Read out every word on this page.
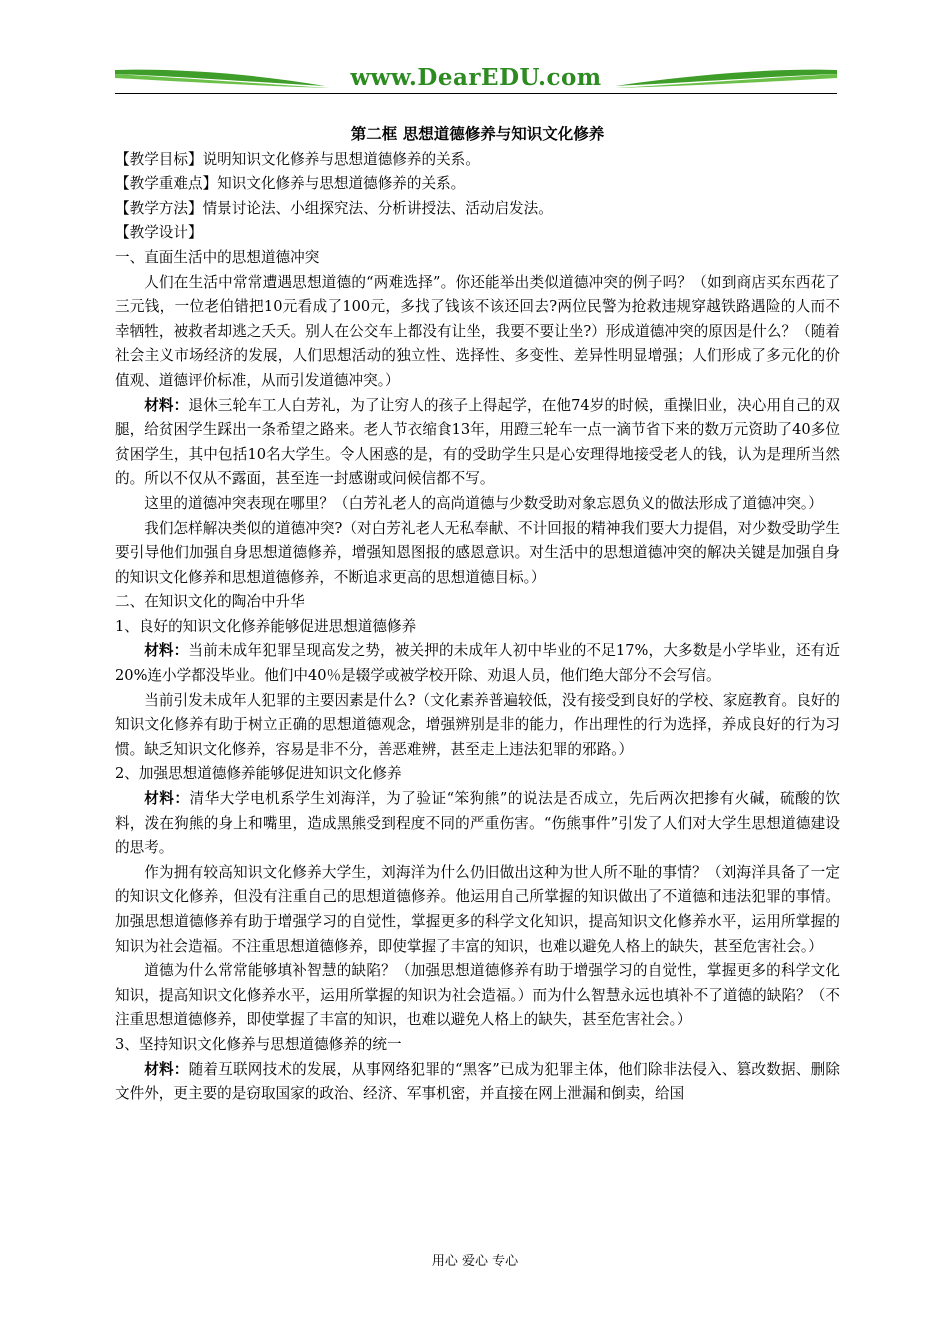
www.DearEDU.com

第二框 思想道德修养与知识文化修养

【教学目标】说明知识文化修养与思想道德修养的关系。

【教学重难点】知识文化修养与思想道德修养的关系。

【教学方法】情景讨论法、小组探究法、分析讲授法、活动启发法。

【教学设计】

一、直面生活中的思想道德冲突

人们在生活中常常遭遇思想道德的“两难选择”。你还能举出类似道德冲突的例子吗？（如到商店买东西花了三元钱，一位老伯错把10元看成了100元，多找了钱该不该还回去?两位民警为抢救违规穿越铁路遇险的人而不幸牺牲，被救者却逃之夭夭。别人在公交车上都没有让坐，我要不要让坐?）形成道德冲突的原因是什么？（随着社会主义市场经济的发展，人们思想活动的独立性、选择性、多变性、差异性明显增强；人们形成了多元化的价值观、道德评价标准，从而引发道德冲突。）

材料：退休三轮车工人白芳礼，为了让穷人的孩子上得起学，在他74岁的时候，重操旧业，决心用自己的双腿，给贫困学生踩出一条希望之路来。老人节衣缩食13年，用蹬三轮车一点一滴节省下来的数万元资助了40多位贫困学生，其中包括10名大学生。令人困惑的是，有的受助学生只是心安理得地接受老人的钱，认为是理所当然的。所以不仅从不露面，甚至连一封感谢或问候信都不写。

这里的道德冲突表现在哪里？（白芳礼老人的高尚道德与少数受助对象忘恩负义的做法形成了道德冲突。）

我们怎样解决类似的道德冲突?（对白芳礼老人无私奉献、不计回报的精神我们要大力提倡，对少数受助学生要引导他们加强自身思想道德修养，增强知恩图报的感恩意识。对生活中的思想道德冲突的解决关键是加强自身的知识文化修养和思想道德修养，不断追求更高的思想道德目标。）

二、在知识文化的陶冶中升华

1、良好的知识文化修养能够促进思想道德修养

材料：当前未成年犯罪呈现高发之势，被关押的未成年人初中毕业的不足17%，大多数是小学毕业，还有近20%连小学都没毕业。他们中40％是辍学或被学校开除、劝退人员，他们绝大部分不会写信。

当前引发未成年人犯罪的主要因素是什么?（文化素养普遍较低，没有接受到良好的学校、家庭教育。良好的知识文化修养有助于树立正确的思想道德观念，增强辨别是非的能力，作出理性的行为选择，养成良好的行为习惯。缺乏知识文化修养，容易是非不分，善恶难辨，甚至走上违法犯罪的邪路。）

2、加强思想道德修养能够促进知识文化修养

材料：清华大学电机系学生刘海洋，为了验证“笨狗熊”的说法是否成立，先后两次把掺有火碱，硫酸的饮料，泼在狗熊的身上和嘴里，造成黑熊受到程度不同的严重伤害。“伤熊事件”引发了人们对大学生思想道德建设的思考。

作为拥有较高知识文化修养大学生，刘海洋为什么仍旧做出这种为世人所不耻的事情？（刘海洋具备了一定的知识文化修养，但没有注重自己的思想道德修养。他运用自己所掌握的知识做出了不道德和违法犯罪的事情。加强思想道德修养有助于增强学习的自觉性，掌握更多的科学文化知识，提高知识文化修养水平，运用所掌握的知识为社会造福。不注重思想道德修养，即使掌握了丰富的知识，也难以避免人格上的缺失，甚至危害社会。）

道德为什么常常能够填补智慧的缺陷？（加强思想道德修养有助于增强学习的自觉性，掌握更多的科学文化知识，提高知识文化修养水平，运用所掌握的知识为社会造福。）而为什么智慧永远也填补不了道德的缺陷？（不注重思想道德修养，即使掌握了丰富的知识，也难以避免人格上的缺失，甚至危害社会。）

3、坚持知识文化修养与思想道德修养的统一

材料：随着互联网技术的发展，从事网络犯罪的“黑客”已成为犯罪主体，他们除非法侵入、篡改数据、删除文件外，更主要的是窃取国家的政治、经济、军事机密，并直接在网上泄漏和倒卖，给国

用心 爱心 专心
